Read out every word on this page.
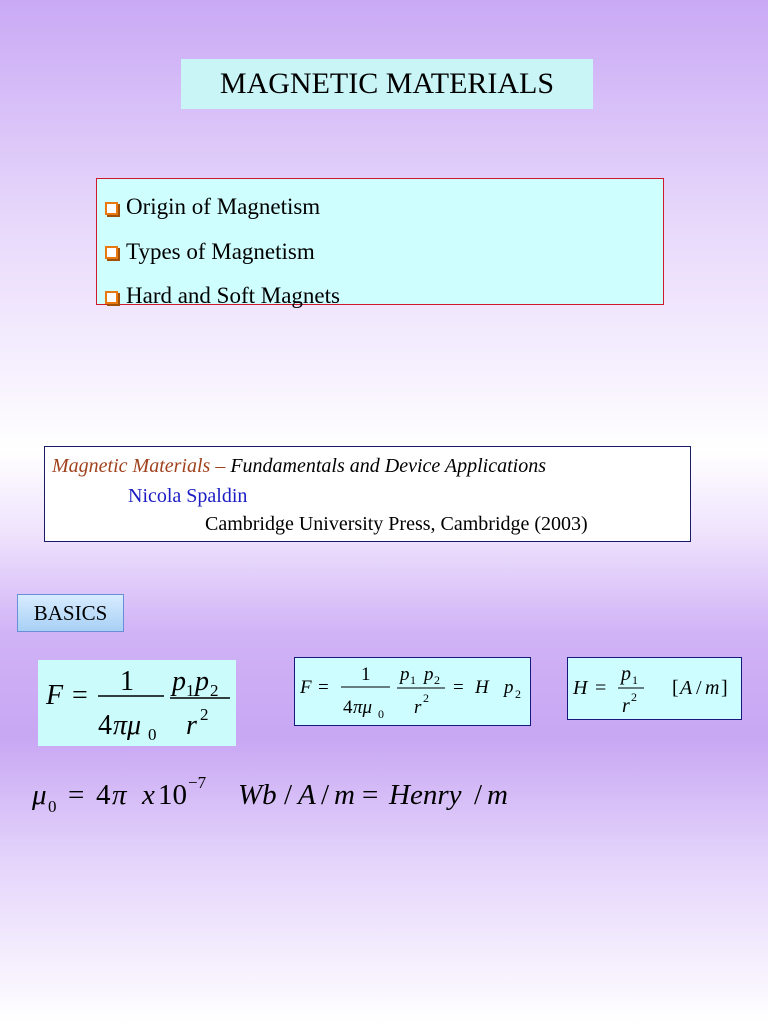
MAGNETIC MATERIALS
Origin of Magnetism
Types of Magnetism
Hard and Soft Magnets
Magnetic Materials – Fundamentals and Device Applications
Nicola Spaldin
Cambridge University Press, Cambridge (2003)
BASICS
F = 1
4 πμ 0
p 1 p 2
r 2
F =
1
4 πμ 0
p 1 p 2
r 2 = H p 2	H =
p 1
r 2 [ A / m ]
μ 0 = 4 π x 10 −7 Wb / A / m = Henry / m
